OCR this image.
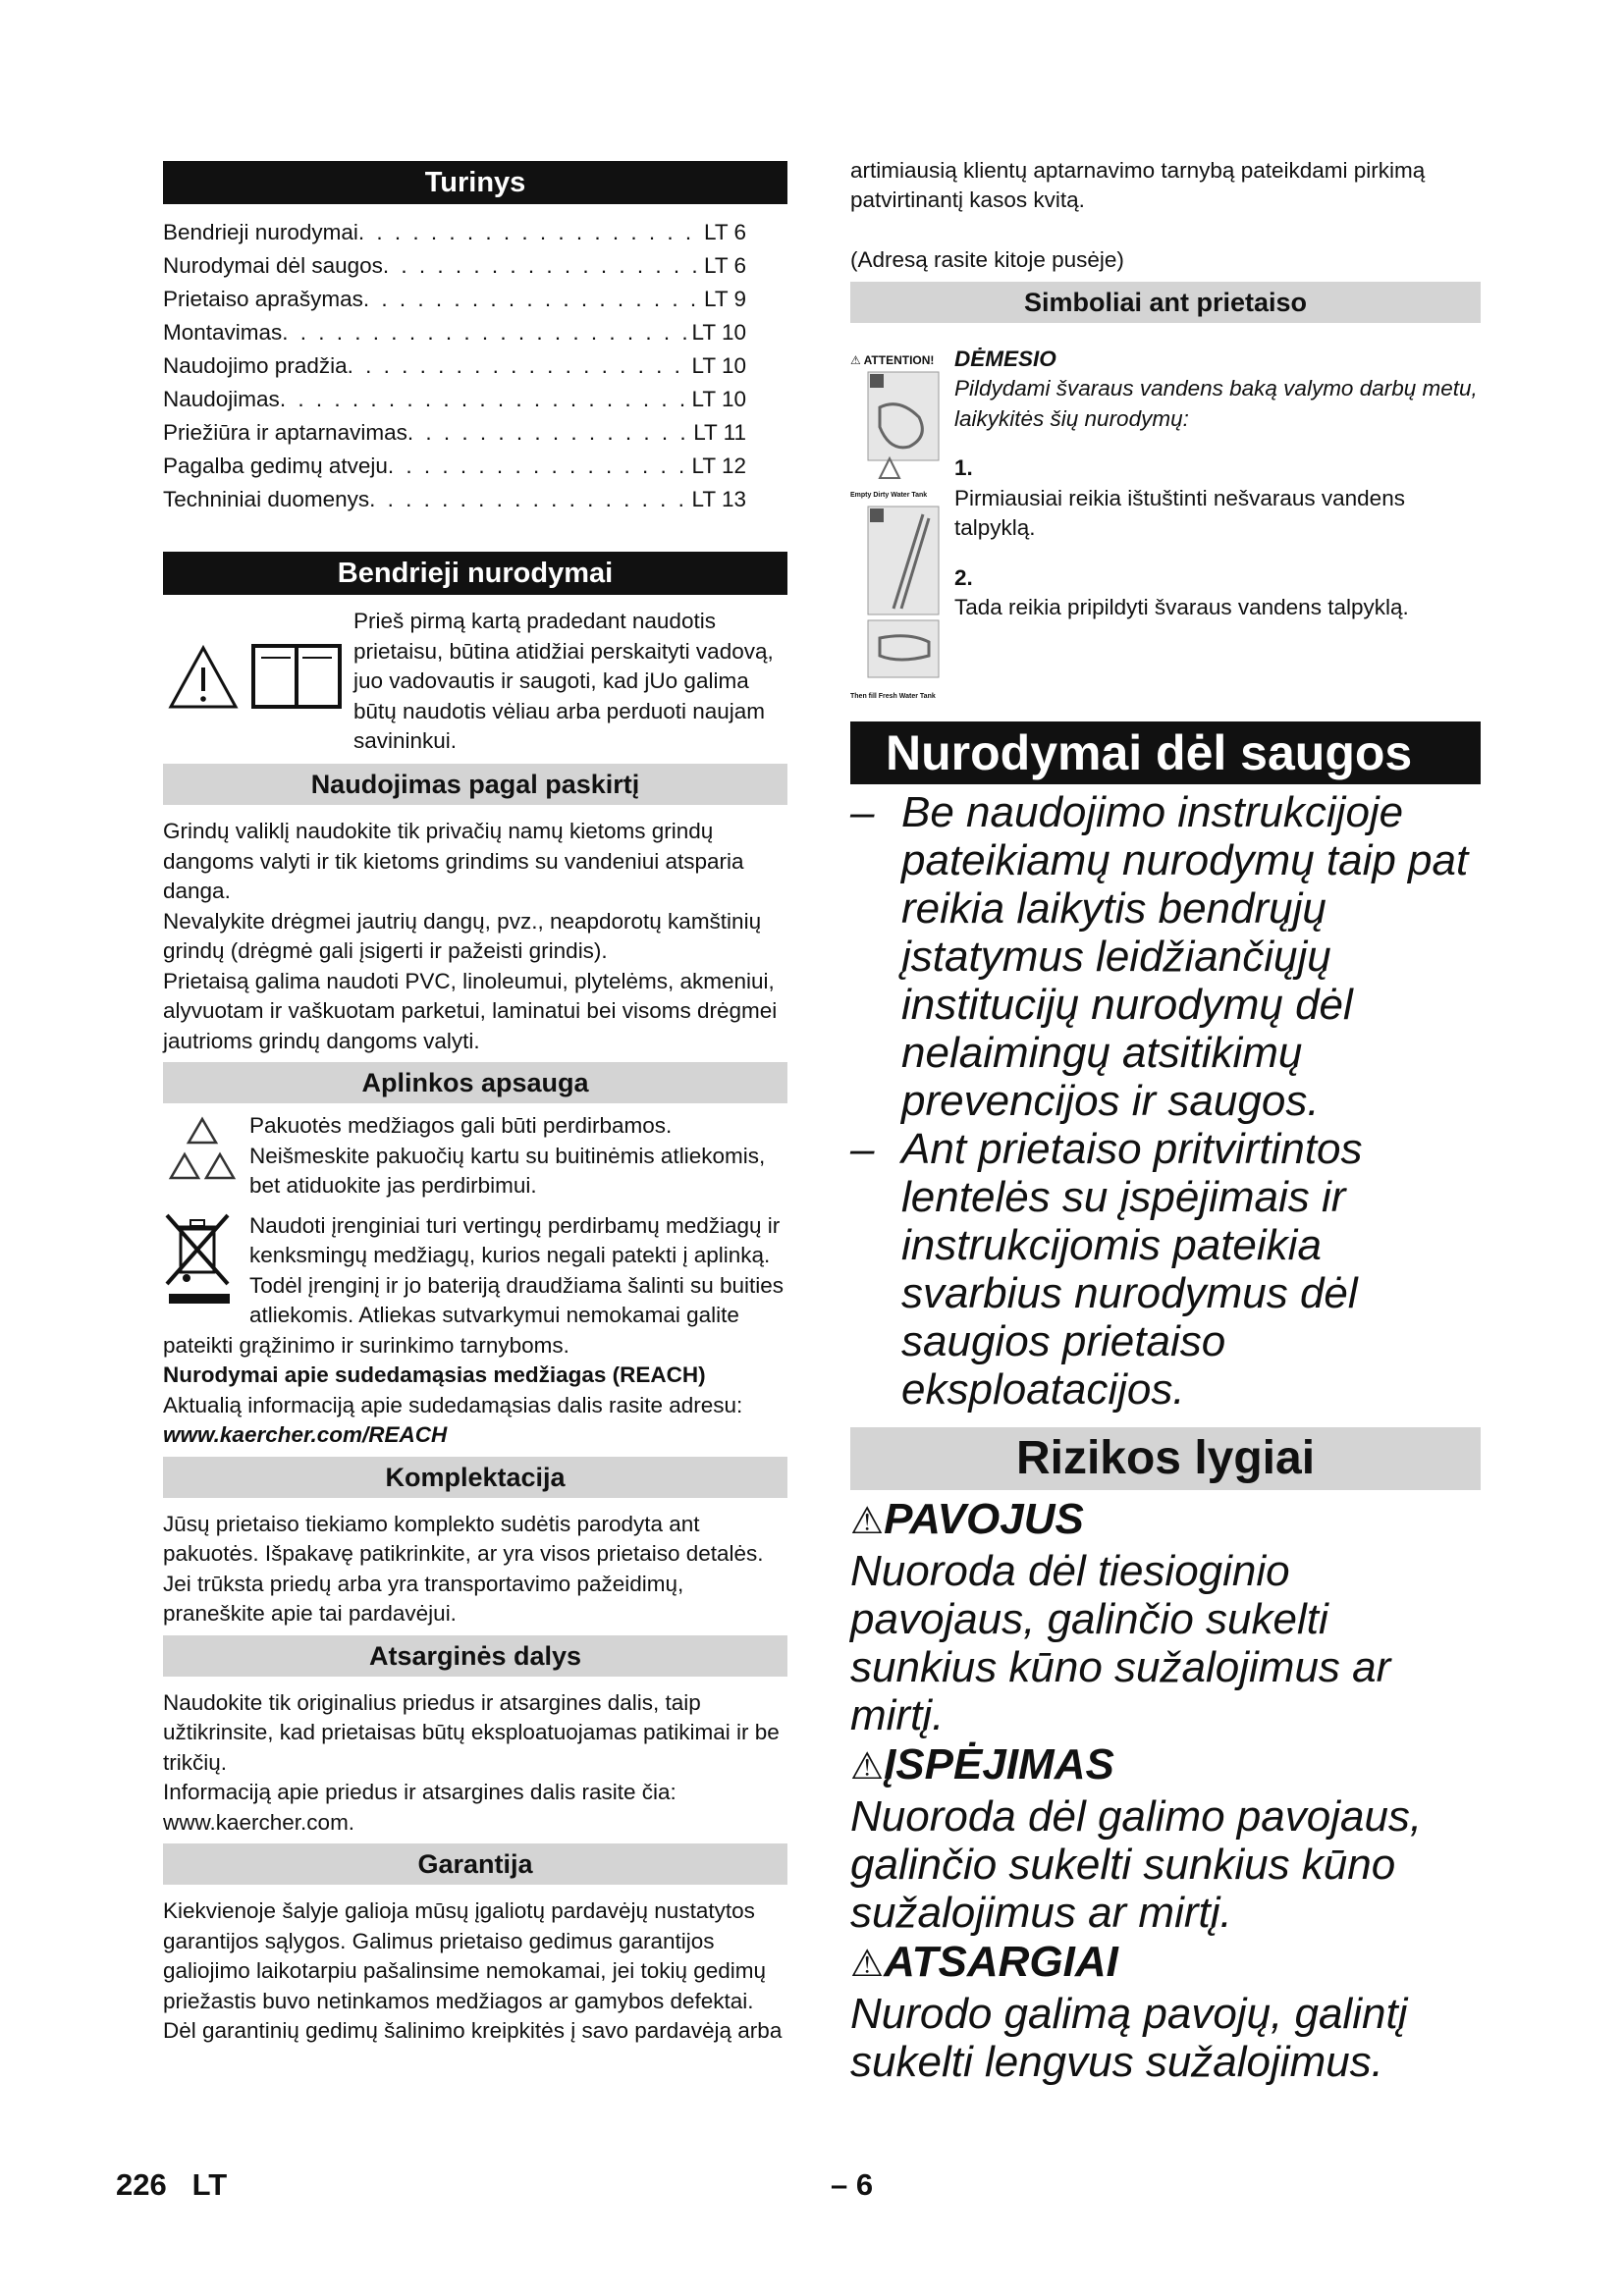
Turinys
Bendrieji nurodymai . . .	LT 6
Nurodymai dėl saugos . . .	LT 6
Prietaiso aprašymas . . .	LT 9
Montavimas . . .	LT 10
Naudojimo pradžia . . .	LT 10
Naudojimas . . .	LT 10
Priežiūra ir aptarnavimas . . .	LT 11
Pagalba gedimų atveju . . .	LT 12
Techniniai duomenys . . .	LT 13
Bendrieji nurodymai

Prieš pirmą kartą pradedant naudotis prietaisu, būtina atidžiai perskaityti vadovą, juo vadovautis ir saugoti, kad jUo galima būtų naudotis vėliau arba perduoti naujam savininkui.

Naudojimas pagal paskirtį

Grindų valiklį naudokite tik privačių namų kietoms grindų dangoms valyti ir tik kietoms grindims su vandeniui atsparia danga.

Nevalykite drėgmei jautrių dangų, pvz., neapdorotų kamštinių grindų (drėgmė gali įsigerti ir pažeisti grindis).

Prietaisą galima naudoti PVC, linoleumui, plytelėms, akmeniui, alyvuotam ir vaškuotam parketui, laminatui bei visoms drėgmei jautrioms grindų dangoms valyti.

Aplinkos apsauga

Pakuotės medžiagos gali būti perdirbamos. Neišmeskite pakuočių kartu su buitinėmis atliekomis, bet atiduokite jas perdirbimui.

Naudoti įrenginiai turi vertingų perdirbamų medžiagų ir kenksmingų medžiagų, kurios negali patekti į aplinką. Todėl įrenginį ir jo bateriją draudžiama šalinti su buities atliekomis. Atliekas sutvarkymui nemokamai galite pateikti grąžinimo ir surinkimo tarnyboms.

Nurodymai apie sudedamąsias medžiagas (REACH)

Aktualią informaciją apie sudedamąsias dalis rasite adresu:

www.kaercher.com/REACH

Komplektacija

Jūsų prietaiso tiekiamo komplekto sudėtis parodyta ant pakuotės. Išpakavę patikrinkite, ar yra visos prietaiso detalės.

Jei trūksta priedų arba yra transportavimo pažeidimų, praneškite apie tai pardavėjui.

Atsarginės dalys

Naudokite tik originalius priedus ir atsargines dalis, taip užtikrinsite, kad prietaisas būtų eksploatuojamas patikimai ir be trikčių.

Informaciją apie priedus ir atsargines dalis rasite čia: www.kaercher.com.

Garantija

Kiekvienoje šalyje galioja mūsų įgaliotų pardavėjų nustatytos garantijos sąlygos. Galimus prietaiso gedimus garantijos galiojimo laikotarpiu pašalinsime nemokamai, jei tokių gedimų priežastis buvo netinkamos medžiagos ar gamybos defektai. Dėl garantinių gedimų šalinimo kreipkitės į savo pardavėją arba

artimiausią klientų aptarnavimo tarnybą pateikdami pirkimą patvirtinantį kasos kvitą.

(Adresą rasite kitoje pusėje)

Simboliai ant prietaiso
⚠ ATTENTION!
Empty Dirty Water Tank
Then fill Fresh Water Tank

DĖMESIO

Pildydami švaraus vandens baką valymo darbų metu, laikykitės šių nurodymų:

1.

Pirmiausiai reikia ištuštinti nešvaraus vandens talpyklą.

2.

Tada reikia pripildyti švaraus vandens talpyklą.

Nurodymai dėl saugos
– Be naudojimo instrukcijoje pateikiamų nurodymų taip pat reikia laikytis bendrųjų įstatymus leidžiančiųjų institucijų nurodymų dėl nelaimingų atsitikimų prevencijos ir saugos.
– Ant prietaiso pritvirtintos lentelės su įspėjimais ir instrukcijomis pateikia svarbius nurodymus dėl saugios prietaiso eksploatacijos.
Rizikos lygiai
⚠PAVOJUS
Nuoroda dėl tiesioginio pavojaus, galinčio sukelti sunkius kūno sužalojimus ar mirtį.
⚠ĮSPĖJIMAS
Nuoroda dėl galimo pavojaus, galinčio sukelti sunkius kūno sužalojimus ar mirtį.
⚠ATSARGIAI
Nurodo galimą pavojų, galintį sukelti lengvus sužalojimus.
226 LT	– 6
